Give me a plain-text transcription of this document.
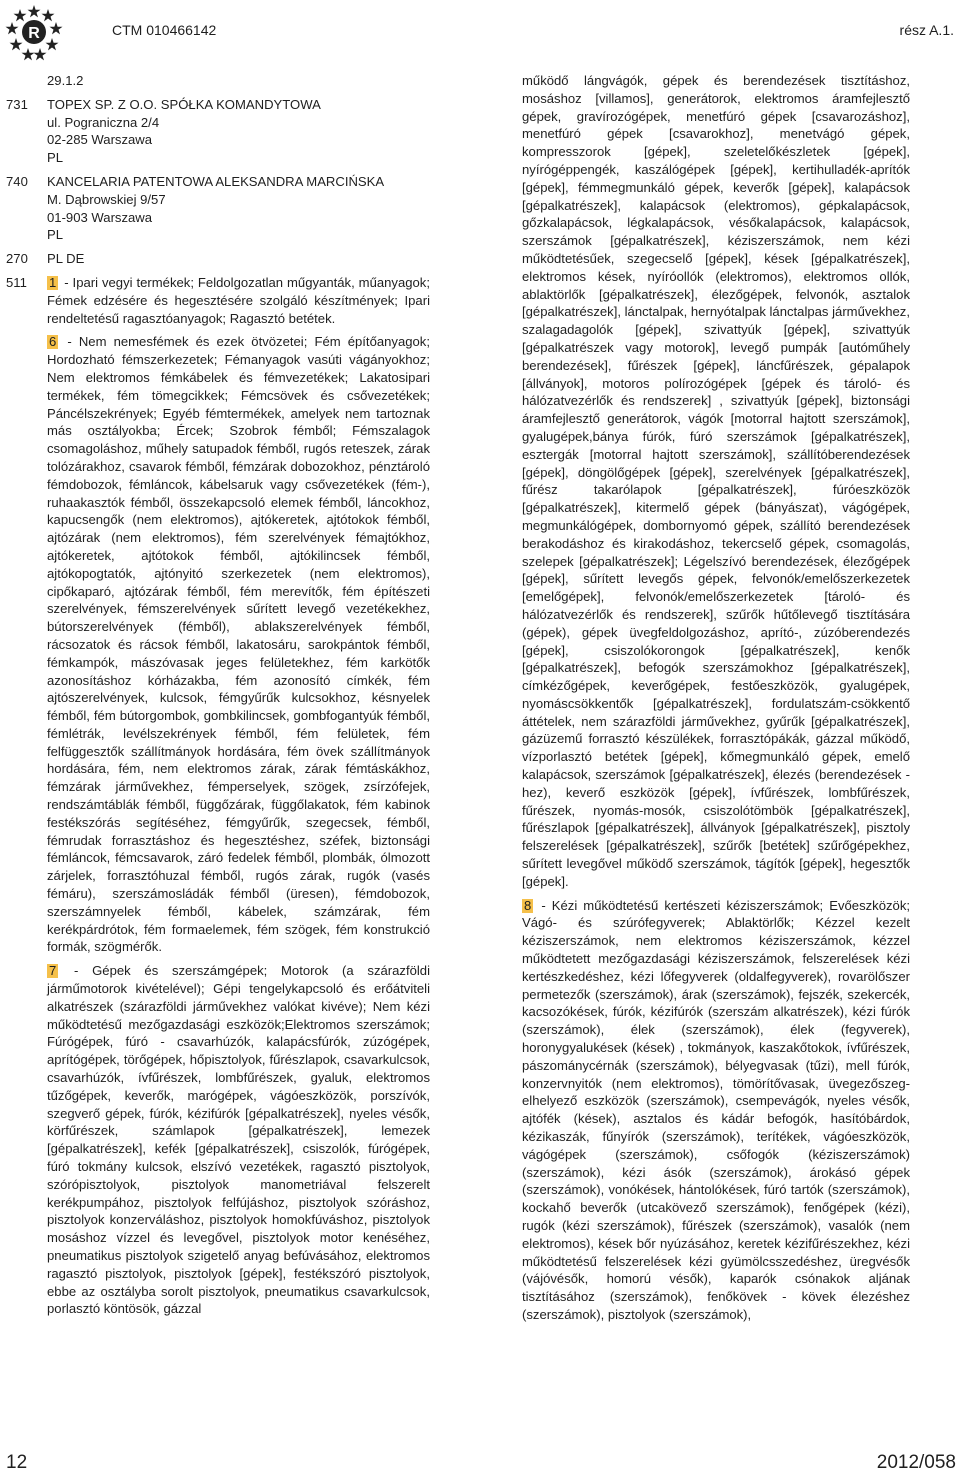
R	CTM 010466142	rész A.1.
29.1.2
731	TOPEX SP. Z O.O. SPÓŁKA KOMANDYTOWA
ul. Pograniczna 2/4
02-285 Warszawa
PL
740	KANCELARIA PATENTOWA ALEKSANDRA MARCIŃSKA
M. Dąbrowskiej 9/57
01-903 Warszawa
PL
270	PL DE
511	1 - Ipari vegyi termékek; Feldolgozatlan műgyanták, műanyagok; Fémek edzésére és hegesztésére szolgáló készítmények; Ipari rendeltetésű ragasztóanyagok; Ragasztó betétek.
6 - Nem nemesfémek és ezek ötvözetei; Fém építőanyagok; Hordozható fémszerkezetek; Fémanyagok vasúti vágányokhoz; Nem elektromos fémkábelek és fémvezetékek; Lakatosipari termékek, fém tömegcikkek; Fémcsövek és csővezetékek; Páncélszekrények; Egyéb fémtermékek, amelyek nem tartoznak más osztályokba; Ércek; Szobrok fémből; Fémszalagok csomagoláshoz, műhely satupadok fémből, rugós reteszek, zárak tolózárakhoz, csavarok fémből, fémzárak dobozokhoz, pénztároló fémdobozok, fémláncok, kábelsaruk vagy csővezetékek (fém-), ruhaakasztók fémből, összekapcsoló elemek fémből, láncokhoz, kapucsengők (nem elektromos), ajtókeretek, ajtótokok fémből, ajtózárak (nem elektromos), fém szerelvények fémajtókhoz, ajtókeretek, ajtótokok fémből, ajtókilincsek fémből, ajtókopogtatók, ajtónyitó szerkezetek (nem elektromos), cipőkaparó, ajtózárak fémből, fém merevítők, fém építészeti szerelvények, fémszerelvények sűrített levegő vezetékekhez, bútorszerelvények (fémből), ablakszerelvények fémből, rácsozatok és rácsok fémből, lakatosáru, sarokpántok fémből, fémkampók, mászóvasak jeges felületekhez, fém karkötők azonosításhoz kórházakba, fém azonosító címkék, fém ajtószerelvények, kulcsok, fémgyűrűk kulcsokhoz, késnyelek fémből, fém bútorgombok, gombkilincsek, gombfogantyúk fémből, fémlétrák, levélszekrények fémből, fém felületek, fém felfüggesztők szállítmányok hordására, fém övek szállítmányok hordására, fém, nem elektromos zárak, zárak fémtáskákhoz, fémzárak járművekhez, fémperselyek, szögek, zsírzófejek, rendszámtáblák fémből, függőzárak, függőlakatok, fém kabinok festékszórás segítéséhez, fémgyűrűk, szegecsek, fémből, fémrudak forrasztáshoz és hegesztéshez, széfek, biztonsági fémláncok, fémcsavarok, záró fedelek fémből, plombák, ólmozott zárjelek, forrasztóhuzal fémből, rugós zárak, rugók (vasés fémáru), szerszámosládák fémből (üresen), fémdobozok, szerszámnyelek fémből, kábelek, számzárak, fém kerékpárdrótok, fém formaelemek, fém szögek, fém konstrukció formák, szögmérők.
7 - Gépek és szerszámgépek; Motorok (a szárazföldi járműmotorok kivételével); Gépi tengelykapcsoló és erőátviteli alkatrészek (szárazföldi járművekhez valókat kivéve); Nem kézi működtetésű mezőgazdasági eszközök;Elektromos szerszámok; Fúrógépek, fúró - csavarhúzók, kalapácsfúrók, zúzógépek, aprítógépek, törőgépek, hőpisztolyok, fűrészlapok, csavarkulcsok, csavarhúzók, ívfűrészek, lombfűrészek, gyaluk, elektromos tűzőgépek, keverők, marógépek, vágóeszközök, porszívók, szegverő gépek, fúrók, kézifúrók [gépalkatrészek], nyeles vésők, körfűrészek, számlapok [gépalkatrészek], lemezek [gépalkatrészek], kefék [gépalkatrészek], csiszolók, fúrógépek, fúró tokmány kulcsok, elszívó vezetékek, ragasztó pisztolyok, szórópisztolyok, pisztolyok manometriával felszerelt kerékpumpához, pisztolyok felfújáshoz, pisztolyok szóráshoz, pisztolyok konzerváláshoz, pisztolyok homokfúváshoz, pisztolyok mosáshoz vízzel és levegővel, pisztolyok motor kenéséhez, pneumatikus pisztolyok szigetelő anyag befúvásához, elektromos ragasztó pisztolyok, pisztolyok [gépek], festékszóró pisztolyok, ebbe az osztályba sorolt pisztolyok, pneumatikus csavarkulcsok, porlasztó köntösök, gázzal
működő lángvágók, gépek és berendezések tisztításhoz, mosáshoz [villamos], generátorok, elektromos áramfejlesztő gépek, gravírozógépek, menetfúró gépek [csavarozáshoz], menetfúró gépek [csavarokhoz], menetvágó gépek, kompresszorok [gépek], szeletelőkészletek [gépek], nyírógéppengék, kaszálógépek [gépek], kertihulladék-aprítók [gépek], fémmegmunkáló gépek, keverők [gépek], kalapácsok [gépalkatrészek], kalapácsok (elektromos), gépkalapácsok, gőzkalapácsok, légkalapácsok, vésőkalapácsok, kalapácsok, szerszámok [gépalkatrészek], kéziszerszámok, nem kézi működtetésűek, szegecselő [gépek], kések [gépalkatrészek], elektromos kések, nyíróollók (elektromos), elektromos ollók, ablaktörlők [gépalkatrészek], élezőgépek, felvonók, asztalok [gépalkatrészek], lánctalpak, hernyótalpak lánctalpas járművekhez, szalagadagolók [gépek], szivattyúk [gépek], szivattyúk [gépalkatrészek vagy motorok], levegő pumpák [autóműhely berendezések], fűrészek [gépek], láncfűrészek, gépalapok [állványok], motoros polírozógépek [gépek és tároló- és hálózatvezérlők és rendszerek] , szivattyúk [gépek], biztonsági áramfejlesztő generátorok, vágók [motorral hajtott szerszámok], gyalugépek,bánya fúrók, fúró szerszámok [gépalkatrészek], esztergák [motorral hajtott szerszámok], szállítóberendezések [gépek], döngölőgépek [gépek], szerelvények [gépalkatrészek], fűrész takarólapok [gépalkatrészek], fúróeszközök [gépalkatrészek], kitermelő gépek (bányászat), vágógépek, megmunkálógépek, dombornyomó gépek, szállító berendezések berakodáshoz és kirakodáshoz, tekercselő gépek, csomagolás, szelepek [gépalkatrészek]; Légelszívó berendezések, élezőgépek [gépek], sűrített levegős gépek, felvonók/emelőszerkezetek [emelőgépek], felvonók/emelőszerkezetek [tároló- és hálózatvezérlők és rendszerek], szűrők hűtőlevegő tisztítására (gépek), gépek üvegfeldolgozáshoz, aprító-, zúzóberendezés [gépek], csiszolókorongok [gépalkatrészek], kenők [gépalkatrészek], befogók szerszámokhoz [gépalkatrészek], címkézőgépek, keverőgépek, festőeszközök, gyalugépek, nyomáscsökkentők [gépalkatrészek], fordulatszám-csökkentő áttételek, nem szárazföldi járművekhez, gyűrűk [gépalkatrészek], gázüzemű forrasztó készülékek, forrasztópákák, gázzal működő, vízporlasztó betétek [gépek], kőmegmunkáló gépek, emelő kalapácsok, szerszámok [gépalkatrészek], élezés (berendezések -hez), keverő eszközök [gépek], ívfűrészek, lombfűrészek, fűrészek, nyomás-mosók, csiszolótömbök [gépalkatrészek], fűrészlapok [gépalkatrészek], állványok [gépalkatrészek], pisztoly felszerelések [gépalkatrészek], szűrők [betétek] szűrőgépekhez, sűrített levegővel működő szerszámok, tágítók [gépek], hegesztők [gépek].
8 - Kézi működtetésű kertészeti kéziszerszámok; Evőeszközök; Vágó- és szúrófegyverek; Ablaktörlők; Kézzel kezelt kéziszerszámok, nem elektromos kéziszerszámok, kézzel működtetett mezőgazdasági kéziszerszámok, felszerelések kézi kertészkedéshez, kézi lőfegyverek (oldalfegyverek), rovarölőszer permetezők (szerszámok), árak (szerszámok), fejszék, szekercék, kacsozókések, fúrók, kézifúrók (szerszám alkatrészek), kézi fúrók (szerszámok), élek (szerszámok), élek (fegyverek), horonygyalukések (kések) , tokmányok, kaszakőtokok, ívfűrészek, pászománycérnák (szerszámok), bélyegvasak (tűzi), mell fúrók, konzervnyitók (nem elektromos), tömörítővasak, üvegezőszeg-elhelyező eszközök (szerszámok), csempevágók, nyeles vésők, ajtófék (kések), asztalos és kádár befogók, hasítóbárdok, kézikaszák, fűnyírók (szerszámok), terítékek, vágóeszközök, vágógépek (szerszámok), csőfogók (kéziszerszámok) (szerszámok), kézi ásók (szerszámok), árokásó gépek (szerszámok), vonókések, hántolókések, fúró tartók (szerszámok), kockahő beverők (utcakövező szerszámok), fenőgépek (kézi), rugók (kézi szerszámok), fűrészek (szerszámok), vasalók (nem elektromos), kések bőr nyúzásához, keretek kézifűrészekhez, kézi működtetésű felszerelések kézi gyümölcsszedéshez, üregvésők (vájóvésők, homorú vésők), kaparók csónakok aljának tisztításához (szerszámok), fenőkövek - kövek élezéshez (szerszámok), pisztolyok (szerszámok),
12	2012/058
